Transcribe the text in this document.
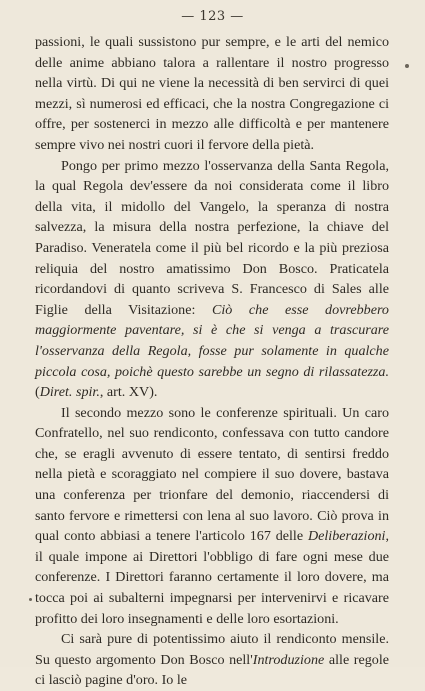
— 123 —

passioni, le quali sussistono pur sempre, e le arti del nemico delle anime abbiano talora a rallentare il nostro progresso nella virtù. Di qui ne viene la necessità di ben servirci di quei mezzi, sì numerosi ed efficaci, che la nostra Congregazione ci offre, per sostenerci in mezzo alle difficoltà e per mantenere sempre vivo nei nostri cuori il fervore della pietà.

Pongo per primo mezzo l'osservanza della Santa Regola, la qual Regola dev'essere da noi considerata come il libro della vita, il midollo del Vangelo, la speranza di nostra salvezza, la misura della nostra perfezione, la chiave del Paradiso. Veneratela come il più bel ricordo e la più preziosa reliquia del nostro amatissimo Don Bosco. Praticatela ricordandovi di quanto scriveva S. Francesco di Sales alle Figlie della Visitazione: Ciò che esse dovrebbero maggiormente paventare, si è che si venga a trascurare l'osservanza della Regola, fosse pur solamente in qualche piccola cosa, poichè questo sarebbe un segno di rilassatezza. (Diret. spir., art. XV).

Il secondo mezzo sono le conferenze spirituali. Un caro Confratello, nel suo rendiconto, confessava con tutto candore che, se eragli avvenuto di essere tentato, di sentirsi freddo nella pietà e scoraggiato nel compiere il suo dovere, bastava una conferenza per trionfare del demonio, riaccendersi di santo fervore e rimettersi con lena al suo lavoro. Ciò prova in qual conto abbiasi a tenere l'articolo 167 delle Deliberazioni, il quale impone ai Direttori l'obbligo di fare ogni mese due conferenze. I Direttori faranno certamente il loro dovere, ma tocca poi ai subalterni impegnarsi per intervenirvi e ricavare profitto dei loro insegnamenti e delle loro esortazioni.

Ci sarà pure di potentissimo aiuto il rendiconto mensile. Su questo argomento Don Bosco nell'Introduzione alle regole ci lasciò pagine d'oro. Io le
